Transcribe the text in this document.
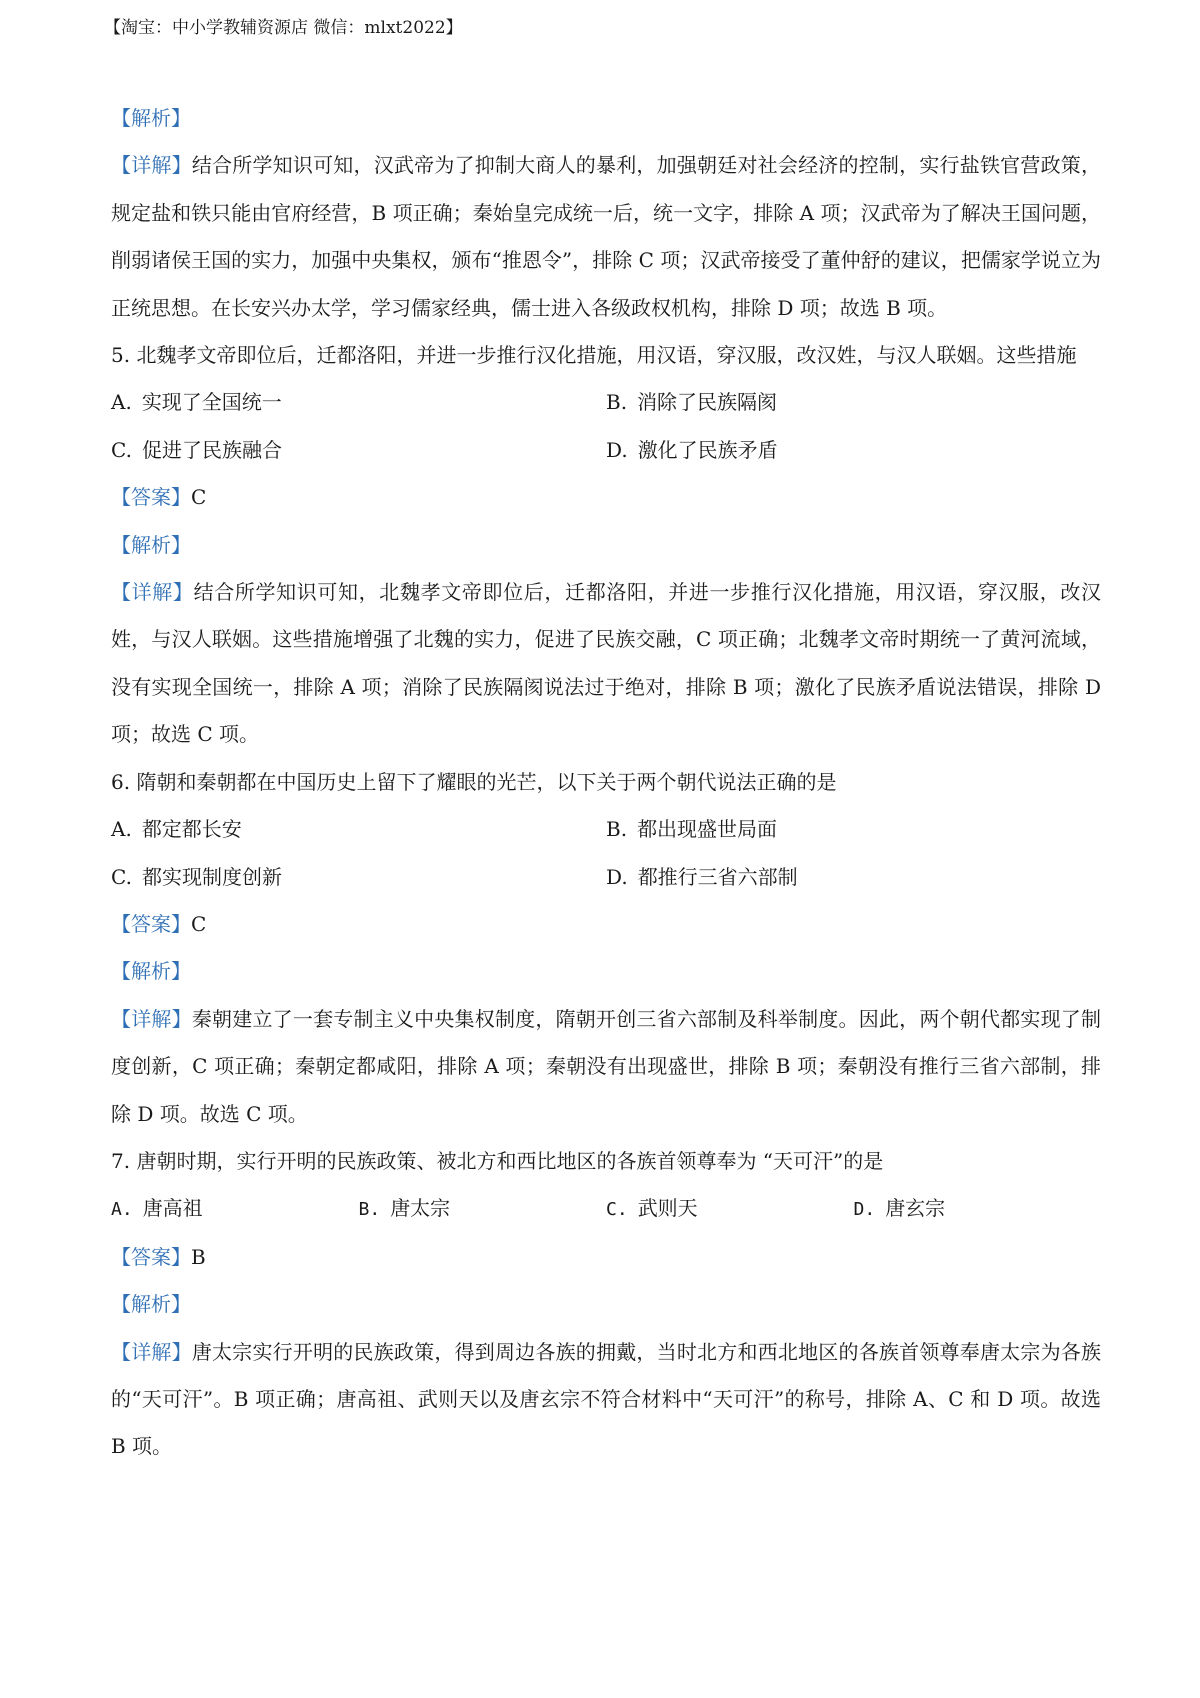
【淘宝：中小学教辅资源店 微信：mlxt2022】

【解析】

【详解】结合所学知识可知，汉武帝为了抑制大商人的暴利，加强朝廷对社会经济的控制，实行盐铁官营政策，规定盐和铁只能由官府经营，B 项正确；秦始皇完成统一后，统一文字，排除 A 项；汉武帝为了解决王国问题，削弱诸侯王国的实力，加强中央集权，颁布“推恩令”，排除 C 项；汉武帝接受了董仲舒的建议，把儒家学说立为正统思想。在长安兴办太学，学习儒家经典，儒士进入各级政权机构，排除 D 项；故选 B 项。

5. 北魏孝文帝即位后，迁都洛阳，并进一步推行汉化措施，用汉语，穿汉服，改汉姓，与汉人联姻。这些措施

A. 实现了全国统一	B. 消除了民族隔阂
C. 促进了民族融合	D. 激化了民族矛盾

【答案】C

【解析】

【详解】结合所学知识可知，北魏孝文帝即位后，迁都洛阳，并进一步推行汉化措施，用汉语，穿汉服，改汉姓，与汉人联姻。这些措施增强了北魏的实力，促进了民族交融，C 项正确；北魏孝文帝时期统一了黄河流域，没有实现全国统一，排除 A 项；消除了民族隔阂说法过于绝对，排除 B 项；激化了民族矛盾说法错误，排除 D 项；故选 C 项。

6. 隋朝和秦朝都在中国历史上留下了耀眼的光芒，以下关于两个朝代说法正确的是

A. 都定都长安	B. 都出现盛世局面
C. 都实现制度创新	D. 都推行三省六部制

【答案】C

【解析】

【详解】秦朝建立了一套专制主义中央集权制度，隋朝开创三省六部制及科举制度。因此，两个朝代都实现了制度创新，C 项正确；秦朝定都咸阳，排除 A 项；秦朝没有出现盛世，排除 B 项；秦朝没有推行三省六部制，排除 D 项。故选 C 项。

7. 唐朝时期，实行开明的民族政策、被北方和西比地区的各族首领尊奉为 “天可汗”的是

A. 唐高祖	B. 唐太宗	C. 武则天	D. 唐玄宗

【答案】B

【解析】

【详解】唐太宗实行开明的民族政策，得到周边各族的拥戴，当时北方和西北地区的各族首领尊奉唐太宗为各族的“天可汗”。B 项正确；唐高祖、武则天以及唐玄宗不符合材料中“天可汗”的称号，排除 A、C 和 D 项。故选 B 项。
